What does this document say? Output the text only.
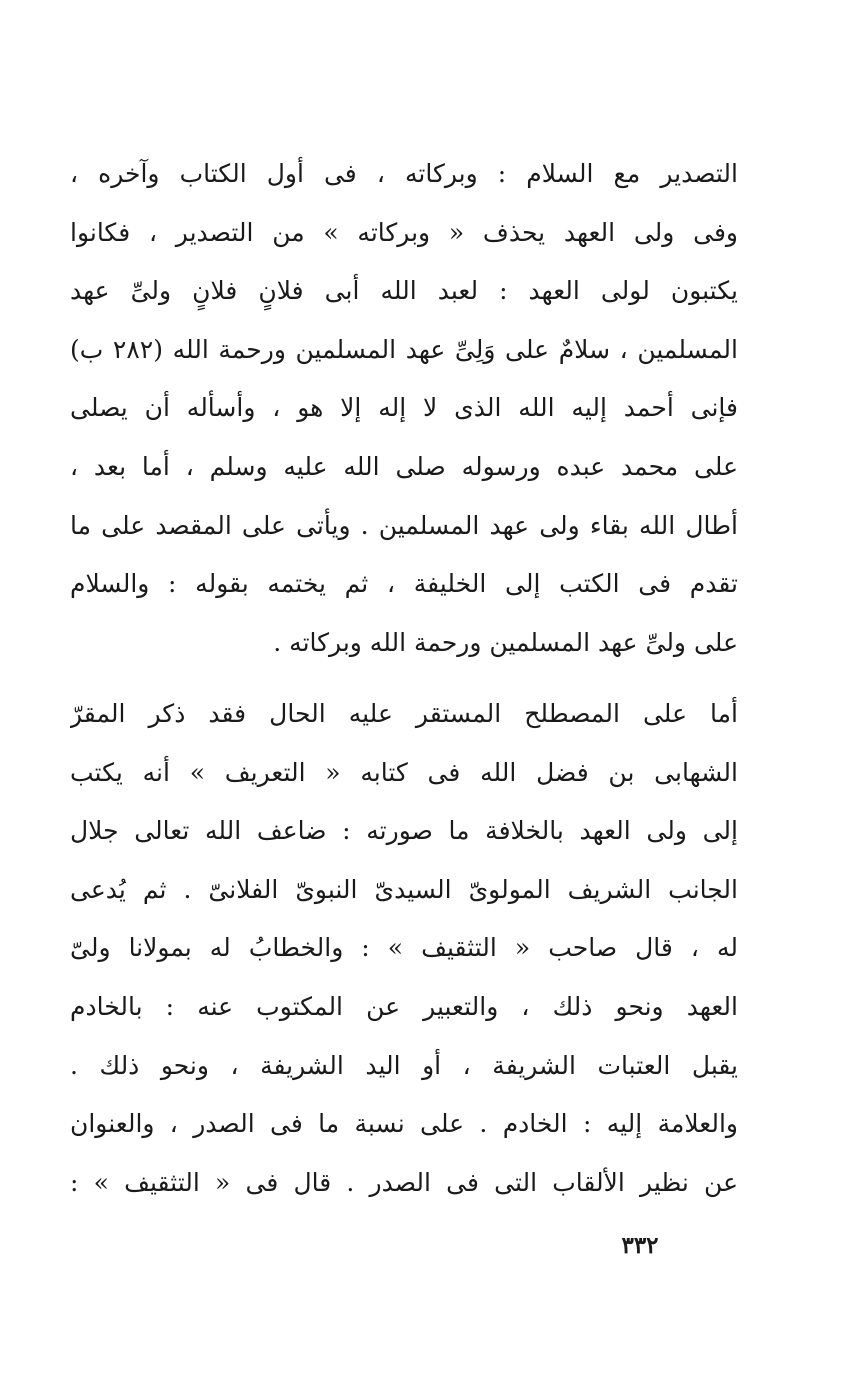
التصدير مع السلام : وبركاته ، فى أول الكتاب وآخره ،
وفى ولى العهد يحذف « وبركاته » من التصدير ، فكانوا
يكتبون لولى العهد : لعبد الله أبى فلانٍ فلانٍ ولىِّ عهد
المسلمين ، سلامٌ على وَلِىِّ عهد المسلمين ورحمة الله (٢٨٢ ب)
فإنى أحمد إليه الله الذى لا إله إلا هو ، وأسأله أن يصلى
على محمد عبده ورسوله صلى الله عليه وسلم ، أما بعد ،
أطال الله بقاء ولى عهد المسلمين . ويأتى على المقصد على ما
تقدم فى الكتب إلى الخليفة ، ثم يختمه بقوله : والسلام
على ولىِّ عهد المسلمين ورحمة الله وبركاته .
أما على المصطلح المستقر عليه الحال فقد ذكر المقرّ
الشهابى بن فضل الله فى كتابه « التعريف » أنه يكتب
إلى ولى العهد بالخلافة ما صورته : ضاعف الله تعالى جلال
الجانب الشريف المولوىّ السيدىّ النبوىّ الفلانىّ . ثم يُدعى
له ، قال صاحب « التثقيف » : والخطابُ له بمولانا ولىّ
العهد ونحو ذلك ، والتعبير عن المكتوب عنه : بالخادم
يقبل العتبات الشريفة ، أو اليد الشريفة ، ونحو ذلك .
والعلامة إليه : الخادم . على نسبة ما فى الصدر ، والعنوان
عن نظير الألقاب التى فى الصدر . قال فى « التثقيف » :
٣٣٢
